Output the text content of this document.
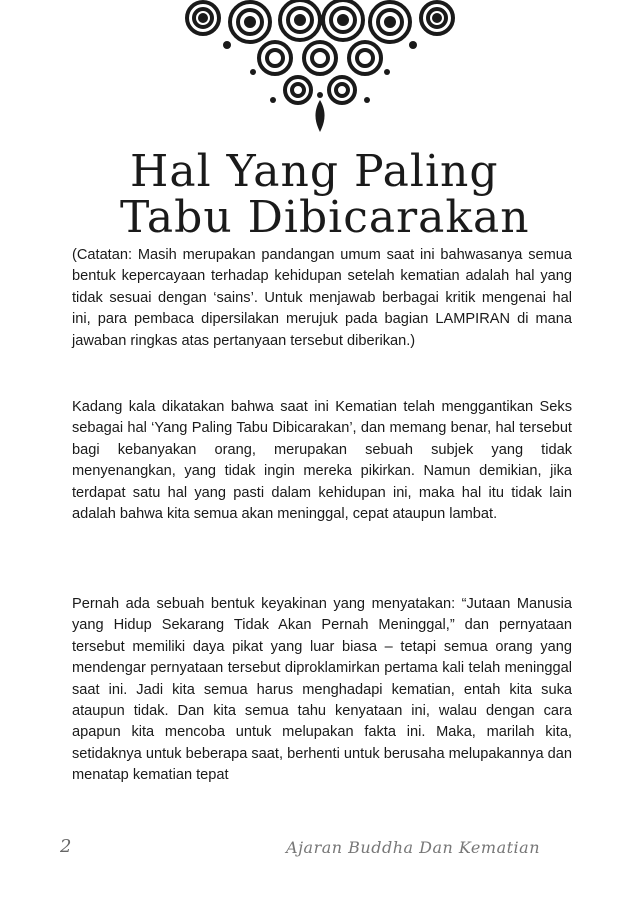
Hal Yang Paling
Tabu Dibicarakan
(Catatan: Masih merupakan pandangan umum saat ini bahwasanya semua bentuk kepercayaan terhadap kehidupan setelah kematian adalah hal yang tidak sesuai dengan ‘sains’. Untuk menjawab berbagai kritik mengenai hal ini, para pembaca dipersilakan merujuk pada bagian LAMPIRAN di mana jawaban ringkas atas pertanyaan tersebut diberikan.)
Kadang kala dikatakan bahwa saat ini Kematian telah menggantikan Seks sebagai hal ‘Yang Paling Tabu Dibicarakan’, dan memang benar, hal tersebut bagi kebanyakan orang, merupakan sebuah subjek yang tidak menyenangkan, yang tidak ingin mereka pikirkan. Namun demikian, jika terdapat satu hal yang pasti dalam kehidupan ini, maka hal itu tidak lain adalah bahwa kita semua akan meninggal, cepat ataupun lambat.
Pernah ada sebuah bentuk keyakinan yang menyatakan: “Jutaan Manusia yang Hidup Sekarang Tidak Akan Pernah Meninggal,” dan pernyataan tersebut memiliki daya pikat yang luar biasa – tetapi semua orang yang mendengar pernyataan tersebut diproklamirkan pertama kali telah meninggal saat ini. Jadi kita semua harus menghadapi kematian, entah kita suka ataupun tidak. Dan kita semua tahu kenyataan ini, walau dengan cara apapun kita mencoba untuk melupakan fakta ini. Maka, marilah kita, setidaknya untuk beberapa saat, berhenti untuk berusaha melupakannya dan menatap kematian tepat
2	Ajaran Buddha Dan Kematian
